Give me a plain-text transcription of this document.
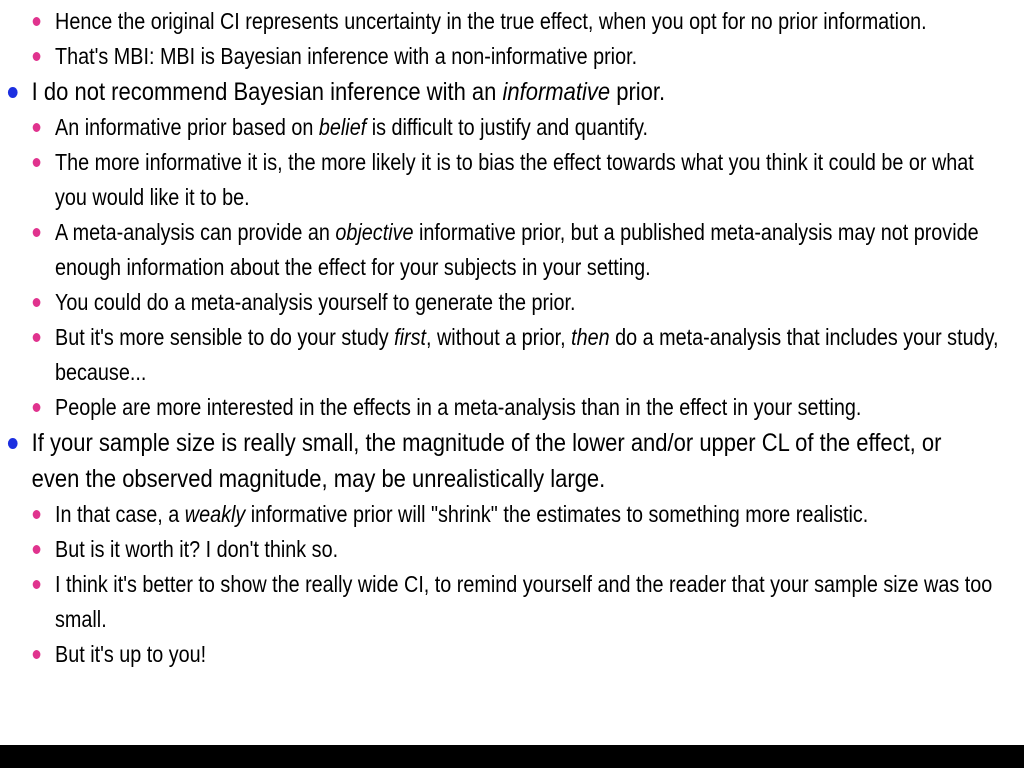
Hence the original CI represents uncertainty in the true effect, when you opt for no prior information.
That's MBI: MBI is Bayesian inference with a non-informative prior.
I do not recommend Bayesian inference with an informative prior.
An informative prior based on belief is difficult to justify and quantify.
The more informative it is, the more likely it is to bias the effect towards what you think it could be or what you would like it to be.
A meta-analysis can provide an objective informative prior, but a published meta-analysis may not provide enough information about the effect for your subjects in your setting.
You could do a meta-analysis yourself to generate the prior.
But it's more sensible to do your study first, without a prior, then do a meta-analysis that includes your study, because...
People are more interested in the effects in a meta-analysis than in the effect in your setting.
If your sample size is really small, the magnitude of the lower and/or upper CL of the effect, or even the observed magnitude, may be unrealistically large.
In that case, a weakly informative prior will "shrink" the estimates to something more realistic.
But is it worth it? I don't think so.
I think it's better to show the really wide CI, to remind yourself and the reader that your sample size was too small.
But it's up to you!
